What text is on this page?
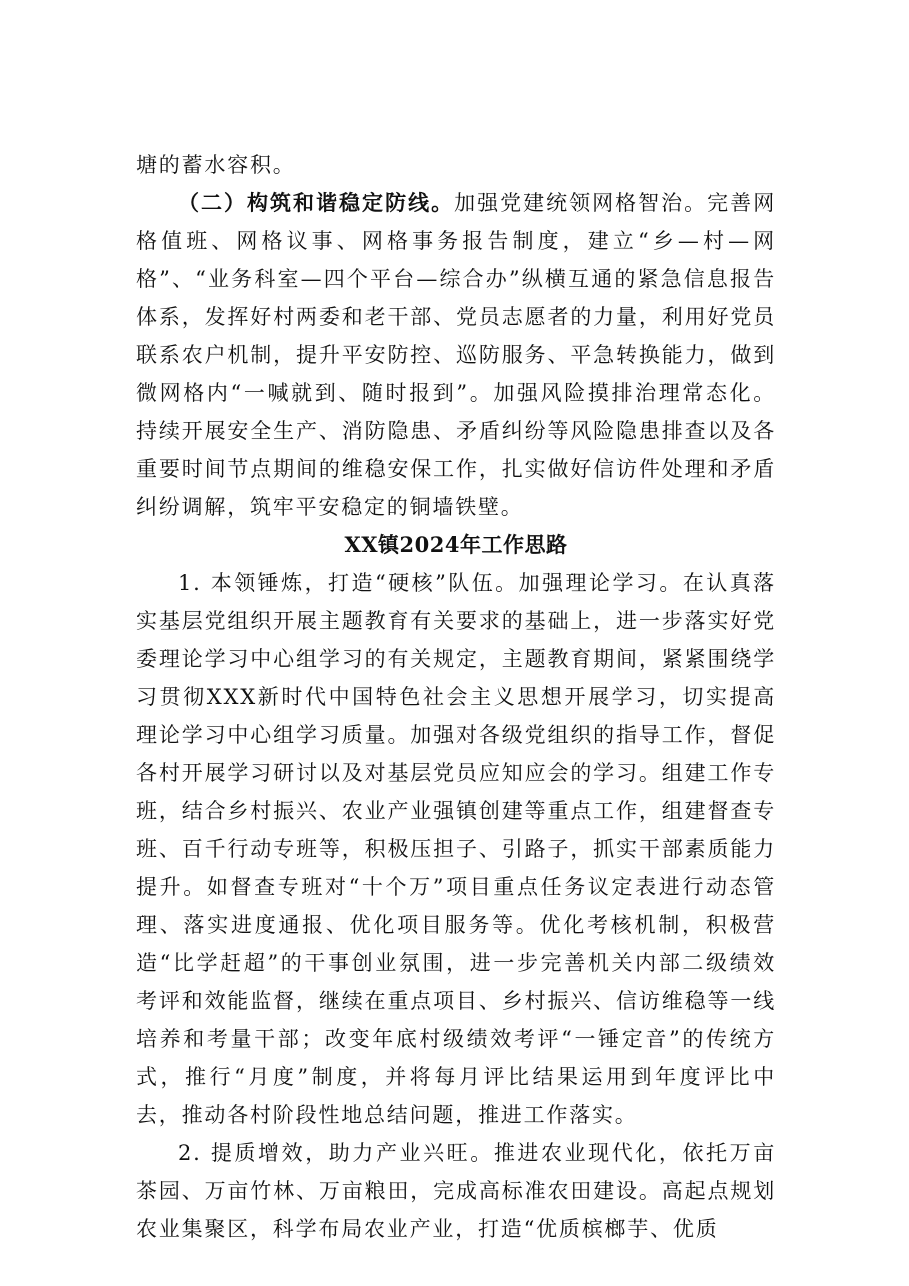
塘的蓄水容积。

（二）构筑和谐稳定防线。加强党建统领网格智治。完善网格值班、网格议事、网格事务报告制度，建立“乡—村—网格”、“业务科室—四个平台—综合办”纵横互通的紧急信息报告体系，发挥好村两委和老干部、党员志愿者的力量，利用好党员联系农户机制，提升平安防控、巡防服务、平急转换能力，做到微网格内“一喊就到、随时报到”。加强风险摸排治理常态化。持续开展安全生产、消防隐患、矛盾纠纷等风险隐患排查以及各重要时间节点期间的维稳安保工作，扎实做好信访件处理和矛盾纠纷调解，筑牢平安稳定的铜墙铁壁。

XX镇2024年工作思路

1. 本领锤炼，打造“硬核”队伍。加强理论学习。在认真落实基层党组织开展主题教育有关要求的基础上，进一步落实好党委理论学习中心组学习的有关规定，主题教育期间，紧紧围绕学习贯彻XXX新时代中国特色社会主义思想开展学习，切实提高理论学习中心组学习质量。加强对各级党组织的指导工作，督促各村开展学习研讨以及对基层党员应知应会的学习。组建工作专班，结合乡村振兴、农业产业强镇创建等重点工作，组建督查专班、百千行动专班等，积极压担子、引路子，抓实干部素质能力提升。如督查专班对“十个万”项目重点任务议定表进行动态管理、落实进度通报、优化项目服务等。优化考核机制，积极营造“比学赶超”的干事创业氛围，进一步完善机关内部二级绩效考评和效能监督，继续在重点项目、乡村振兴、信访维稳等一线培养和考量干部；改变年底村级绩效考评“一锤定音”的传统方式，推行“月度”制度，并将每月评比结果运用到年度评比中去，推动各村阶段性地总结问题，推进工作落实。

2. 提质增效，助力产业兴旺。推进农业现代化，依托万亩茶园、万亩竹林、万亩粮田，完成高标准农田建设。高起点规划农业集聚区，科学布局农业产业，打造“优质槟榔芋、优质
